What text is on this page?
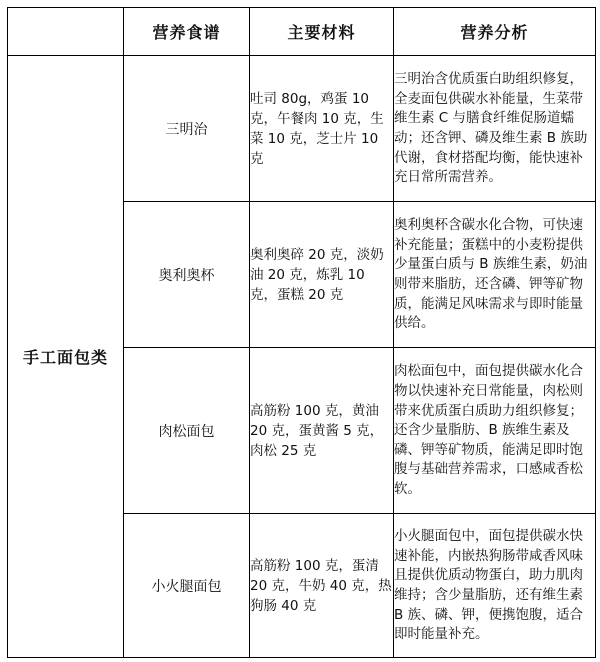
	营养食谱	主要材料	营养分析
手工面包类	三明治	吐司 80g，鸡蛋 10 克，午餐肉 10 克，生菜 10 克，芝士片 10 克	三明治含优质蛋白助组织修复，全麦面包供碳水补能量，生菜带维生素 C 与膳食纤维促肠道蠕动；还含钾、磷及维生素 B 族助代谢，食材搭配均衡，能快速补充日常所需营养。

	奥利奥杯	奥利奥碎 20 克，淡奶油 20 克，炼乳 10 克，蛋糕 20 克	奥利奥杯含碳水化合物，可快速补充能量；蛋糕中的小麦粉提供少量蛋白质与 B 族维生素，奶油则带来脂肪，还含磷、钾等矿物质，能满足风味需求与即时能量供给。

	肉松面包	高筋粉 100 克，黄油 20 克，蛋黄酱 5 克，肉松 25 克	肉松面包中，面包提供碳水化合物以快速补充日常能量，肉松则带来优质蛋白质助力组织修复；还含少量脂肪、B 族维生素及磷、钾等矿物质，能满足即时饱腹与基础营养需求，口感咸香松软。

	小火腿面包	高筋粉 100 克，蛋清 20 克，牛奶 40 克，热狗肠 40 克	小火腿面包中，面包提供碳水快速补能，内嵌热狗肠带咸香风味且提供优质动物蛋白，助力肌肉维持；含少量脂肪，还有维生素 B 族、磷、钾，便携饱腹，适合即时能量补充。
